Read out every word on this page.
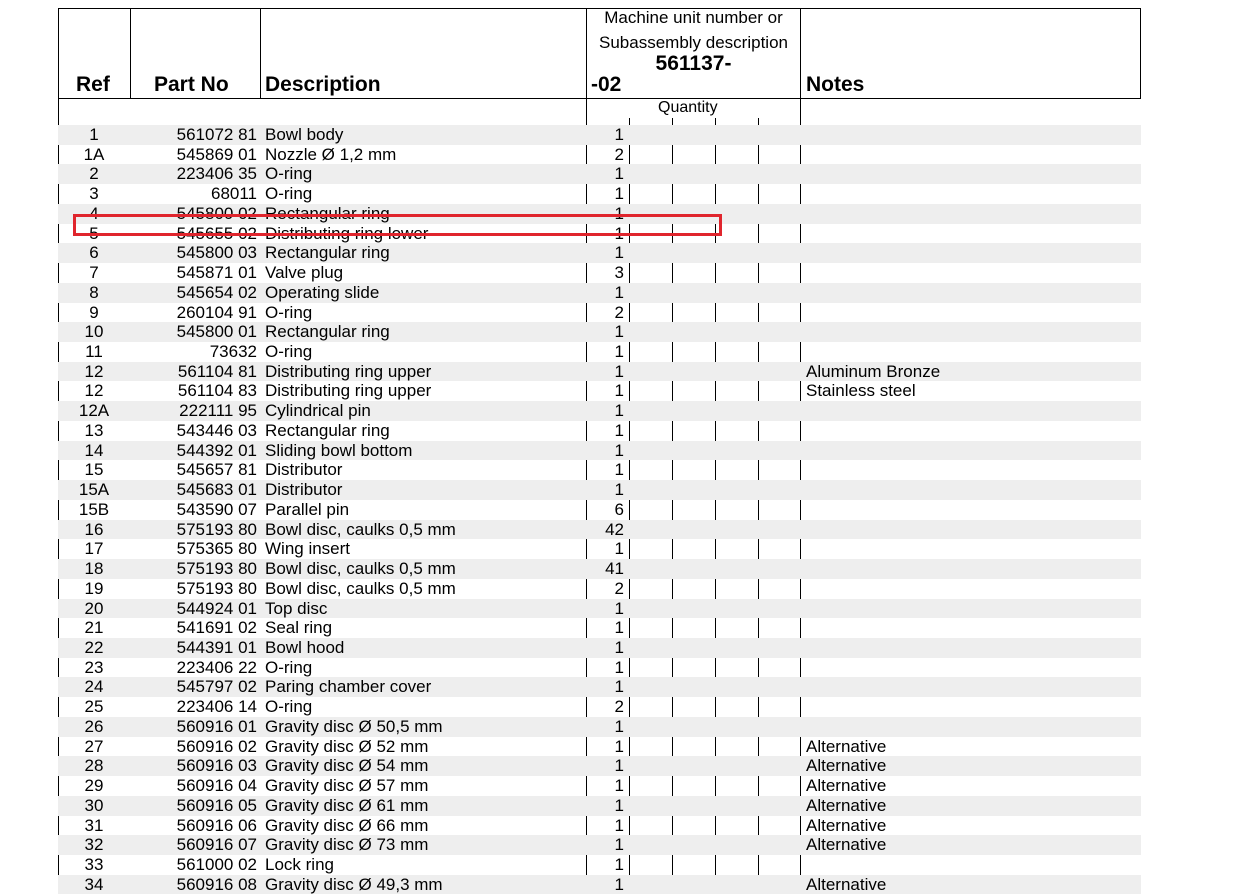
Ref Part No Description
Machine unit number or
Subassembly description
561137-
-02
Quantity
Notes
1	561072 81 Bowl body	1
1A	545869 01 Nozzle Ø 1,2 mm	2
2	223406 35 O-ring	1
3	68011 O-ring	1
4	545800 02 Rectangular ring	1
5	545655 02 Distributing ring lower	1
6	545800 03 Rectangular ring	1
7	545871 01 Valve plug	3
8	545654 02 Operating slide	1
9	260104 91 O-ring	2
10	545800 01 Rectangular ring	1
11	73632 O-ring	1
12	561104 81 Distributing ring upper	1	Aluminum Bronze
12	561104 83 Distributing ring upper	1	Stainless steel
12A	222111 95 Cylindrical pin	1
13	543446 03 Rectangular ring	1
14	544392 01 Sliding bowl bottom	1
15	545657 81 Distributor	1
15A	545683 01 Distributor	1
15B	543590 07 Parallel pin	6
16	575193 80 Bowl disc, caulks 0,5 mm	42
17	575365 80 Wing insert	1
18	575193 80 Bowl disc, caulks 0,5 mm	41
19	575193 80 Bowl disc, caulks 0,5 mm	2
20	544924 01 Top disc	1
21	541691 02 Seal ring	1
22	544391 01 Bowl hood	1
23	223406 22 O-ring	1
24	545797 02 Paring chamber cover	1
25	223406 14 O-ring	2
26	560916 01 Gravity disc Ø 50,5 mm	1
27	560916 02 Gravity disc Ø 52 mm	1	Alternative
28	560916 03 Gravity disc Ø 54 mm	1	Alternative
29	560916 04 Gravity disc Ø 57 mm	1	Alternative
30	560916 05 Gravity disc Ø 61 mm	1	Alternative
31	560916 06 Gravity disc Ø 66 mm	1	Alternative
32	560916 07 Gravity disc Ø 73 mm	1	Alternative
33	561000 02 Lock ring	1
34	560916 08 Gravity disc Ø 49,3 mm	1	Alternative
